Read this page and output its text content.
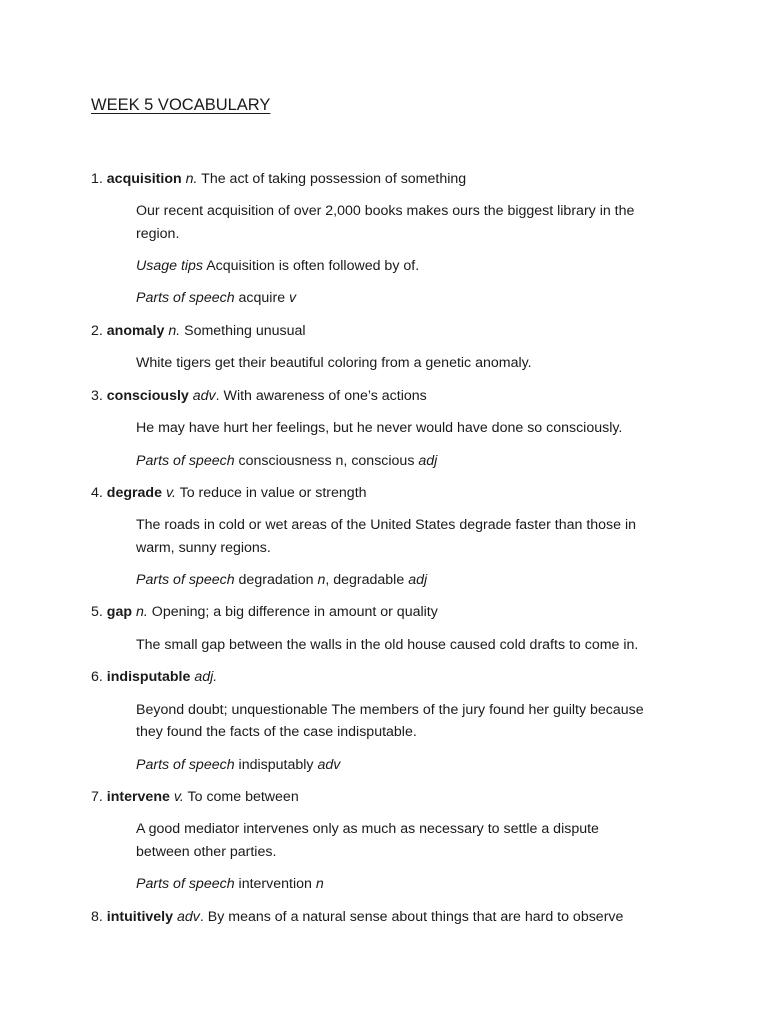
WEEK 5 VOCABULARY
1. acquisition n. The act of taking possession of something
Our recent acquisition of over 2,000 books makes ours the biggest library in the
region.
Usage tips Acquisition is often followed by of.
Parts of speech acquire v
2. anomaly n. Something unusual
White tigers get their beautiful coloring from a genetic anomaly.
3. consciously adv. With awareness of one’s actions
He may have hurt her feelings, but he never would have done so consciously.
Parts of speech consciousness n, conscious adj
4. degrade v. To reduce in value or strength
The roads in cold or wet areas of the United States degrade faster than those in
warm, sunny regions.
Parts of speech degradation n, degradable adj
5. gap n. Opening; a big difference in amount or quality
The small gap between the walls in the old house caused cold drafts to come in.
6. indisputable adj.
Beyond doubt; unquestionable The members of the jury found her guilty because
they found the facts of the case indisputable.
Parts of speech indisputably adv
7. intervene v. To come between
A good mediator intervenes only as much as necessary to settle a dispute
between other parties.
Parts of speech intervention n
8. intuitively adv. By means of a natural sense about things that are hard to observe
